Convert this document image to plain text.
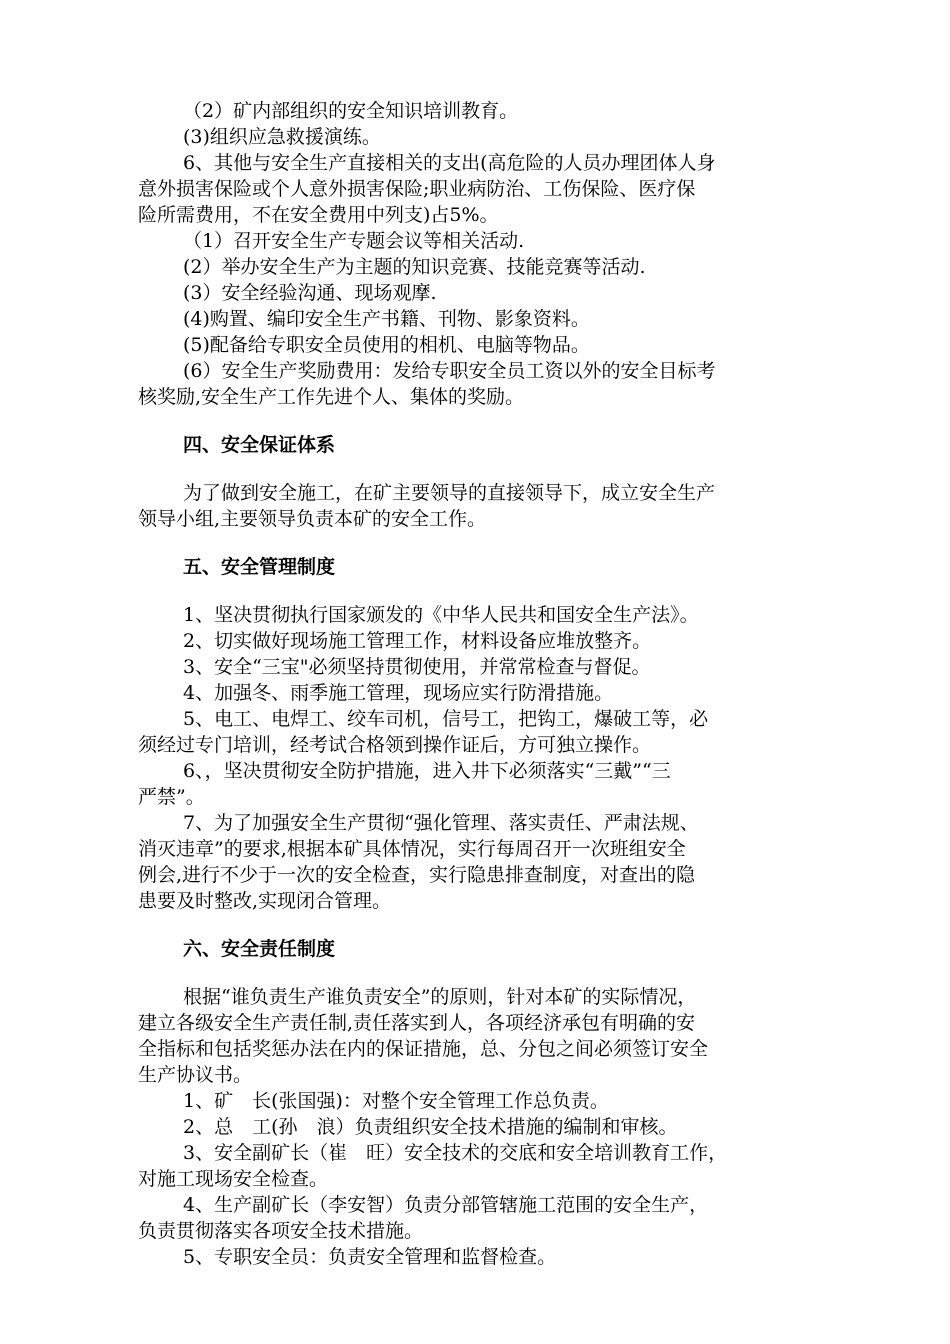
（2）矿内部组织的安全知识培训教育。
(3)组织应急救援演练。
6、其他与安全生产直接相关的支出(高危险的人员办理团体人身
意外损害保险或个人意外损害保险;职业病防治、工伤保险、医疗保
险所需费用，不在安全费用中列支)占5%。
（1）召开安全生产专题会议等相关活动.
(2）举办安全生产为主题的知识竞赛、技能竞赛等活动.
(3）安全经验沟通、现场观摩.
(4)购置、编印安全生产书籍、刊物、影象资料。
(5)配备给专职安全员使用的相机、电脑等物品。
(6）安全生产奖励费用：发给专职安全员工资以外的安全目标考
核奖励,安全生产工作先进个人、集体的奖励。
四、安全保证体系
为了做到安全施工，在矿主要领导的直接领导下，成立安全生产
领导小组,主要领导负责本矿的安全工作。
五、安全管理制度
1、坚决贯彻执行国家颁发的《中华人民共和国安全生产法》。
2、切实做好现场施工管理工作，材料设备应堆放整齐。
3、安全“三宝"必须坚持贯彻使用，并常常检查与督促。
4、加强冬、雨季施工管理，现场应实行防滑措施。
5、电工、电焊工、绞车司机，信号工，把钩工，爆破工等，必
须经过专门培训，经考试合格领到操作证后，方可独立操作。
6、，坚决贯彻安全防护措施，进入井下必须落实“三戴”“三
严禁”。
7、为了加强安全生产贯彻“强化管理、落实责任、严肃法规、
消灭违章”的要求,根据本矿具体情况，实行每周召开一次班组安全
例会,进行不少于一次的安全检查，实行隐患排查制度，对查出的隐
患要及时整改,实现闭合管理。
六、安全责任制度
根据“谁负责生产谁负责安全”的原则，针对本矿的实际情况，
建立各级安全生产责任制,责任落实到人，各项经济承包有明确的安
全指标和包括奖惩办法在内的保证措施，总、分包之间必须签订安全
生产协议书。
1、矿　长(张国强)：对整个安全管理工作总负责。
2、总　工(孙　浪）负责组织安全技术措施的编制和审核。
3、安全副矿长（崔　旺）安全技术的交底和安全培训教育工作，
对施工现场安全检查。
4、生产副矿长（李安智）负责分部管辖施工范围的安全生产，
负责贯彻落实各项安全技术措施。
5、专职安全员：负责安全管理和监督检查。
